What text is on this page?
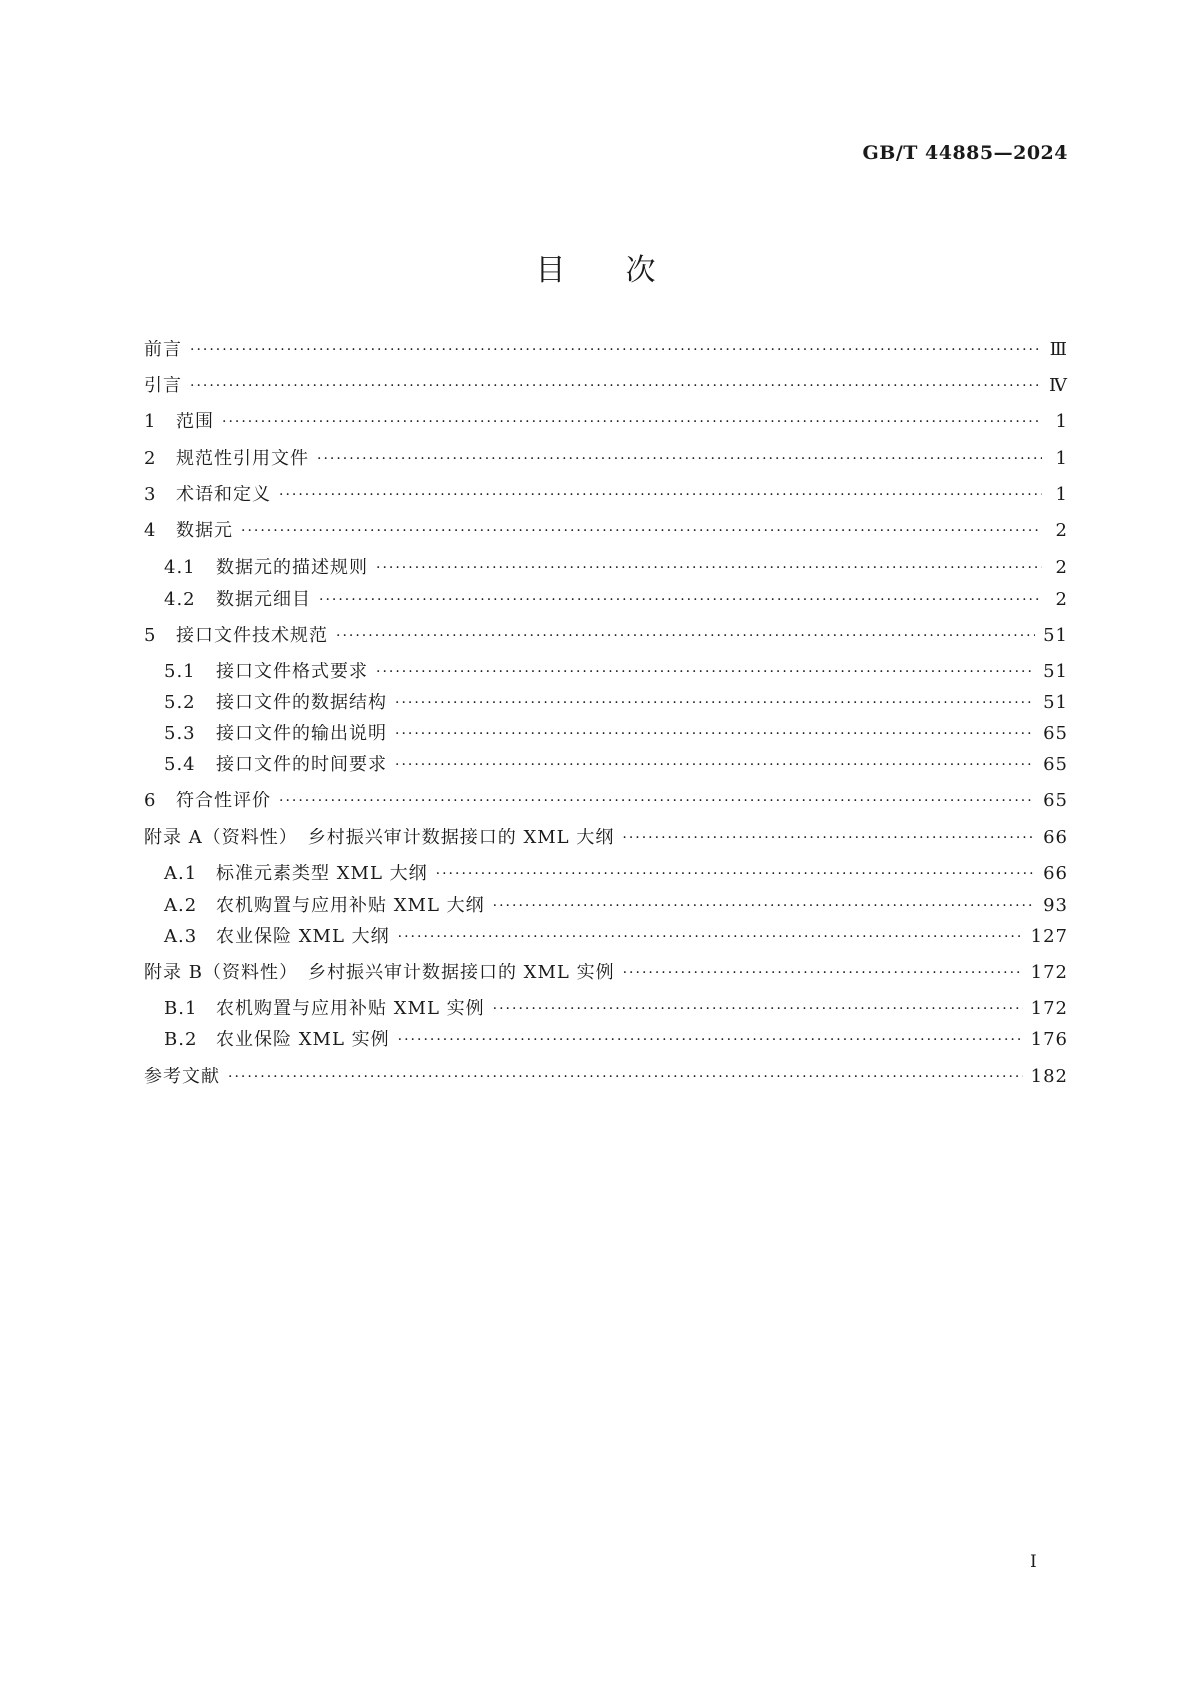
GB/T 44885—2024
目次
前言 ·····	Ⅲ
引言 ·····	Ⅳ
1	范围 ·····	1
2	规范性引用文件 ·····	1
3	术语和定义 ·····	1
4	数据元 ·····	2
4.1	数据元的描述规则 ·····	2
4.2	数据元细目 ·····	2
5	接口文件技术规范 ·····	51
5.1	接口文件格式要求 ·····	51
5.2	接口文件的数据结构 ·····	51
5.3	接口文件的输出说明 ·····	65
5.4	接口文件的时间要求 ·····	65
6	符合性评价 ·····	65
附录 A（资料性）　乡村振兴审计数据接口的 XML 大纲 ·····	66
A.1	标准元素类型 XML 大纲 ·····	66
A.2	农机购置与应用补贴 XML 大纲 ·····	93
A.3	农业保险 XML 大纲 ·····	127
附录 B（资料性）　乡村振兴审计数据接口的 XML 实例 ·····	172
B.1	农机购置与应用补贴 XML 实例 ·····	172
B.2	农业保险 XML 实例 ·····	176
参考文献 ·····	182
I
